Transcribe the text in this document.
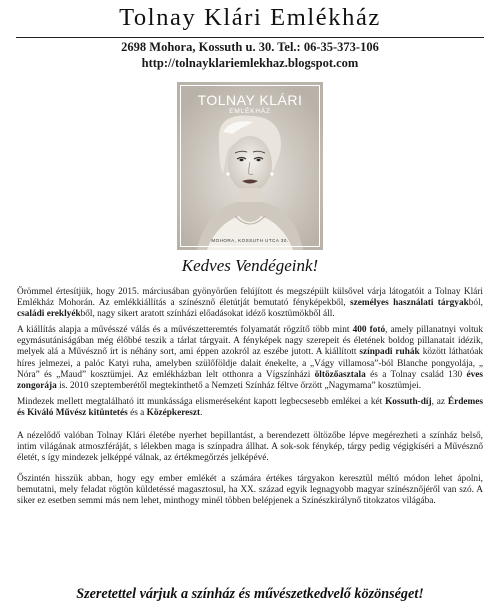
Tolnay Klári Emlékház
2698 Mohora, Kossuth u. 30. Tel.: 06-35-373-106
http://tolnayklariemlekhaz.blogspot.com
TOLNAY KLÁRI
EMLÉKHÁZ
MOHORA, KOSSUTH UTCA 30.
Kedves Vendégeink!
Örömmel értesítjük, hogy 2015. márciusában gyönyörűen felújított és megszépült külsővel várja látogatóit a Tolnay Klári Emlékház Mohorán. Az emlékkiállítás a színésznő életútját bemutató fényképekből, személyes használati tárgyakból, családi ereklyékből, nagy sikert aratott színházi előadásokat idéző kosztümökből áll.
A kiállítás alapja a művésszé válás és a művészetteremtés folyamatát rögzítő több mint 400 fotó, amely pillanatnyi voltuk egymásutániságában még élőbbé teszik a tárlat tárgyait. A fényképek nagy szerepeit és életének boldog pillanatait idézik, melyek alá a Művésznő írt is néhány sort, ami éppen azokról az eszébe jutott. A kiállított színpadi ruhák között láthatóak híres jelmezei, a palóc Katyi ruha, amelyben szülőföldje dalait énekelte, a „Vágy villamosa”-ból Blanche pongyolája, „ Nóra” és „Maud” kosztümjei. Az emlékházban lelt otthonra a Vígszínházi öltözőasztala és a Tolnay család 130 éves zongorája is. 2010 szeptemberétől megtekinthető a Nemzeti Színház féltve őrzött „Nagymama” kosztümjei.
Mindezek mellett megtalálható itt munkássága elismeréseként kapott legbecsesebb emlékei a két Kossuth-díj, az Érdemes és Kiváló Művész kitüntetés és a Középkereszt.
A nézelődő valóban Tolnay Klári életébe nyerhet bepillantást, a berendezett öltözőbe lépve megérezheti a színház belső, intim világának atmoszféráját, s lélekben maga is színpadra állhat. A sok-sok fénykép, tárgy pedig végigkíséri a Művésznő életét, s így mindezek jelképpé válnak, az értékmegőrzés jelképévé.
Őszintén hisszük abban, hogy egy ember emlékét a számára értékes tárgyakon keresztül méltó módon lehet ápolni, bemutatni, mely feladat rögtön küldetéssé magasztosul, ha XX. század egyik legnagyobb magyar színésznőjéről van szó. A siker ez esetben semmi más nem lehet, minthogy minél többen belépjenek a Színészkirálynő titokzatos világába.
Szeretettel várjuk a színház és művészetkedvelő közönséget!
